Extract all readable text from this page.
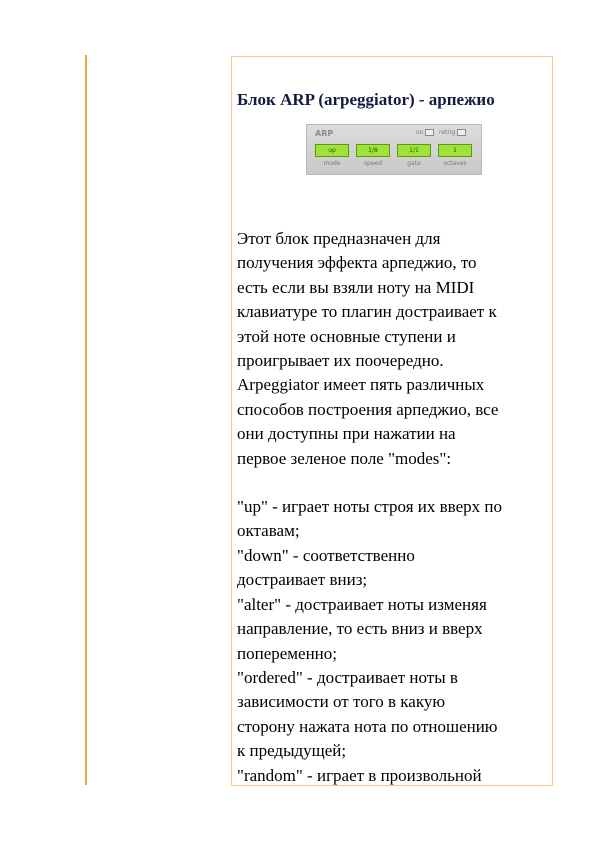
Блок ARP (arpeggiator) - арпежио
ARP	on	retrig
up	1/8	1/1	1
mode	speed	gate	octaves

Этот блок предназначен для
получения эффекта арпеджио, то
есть если вы взяли ноту на MIDI
клавиатуре то плагин достраивает к
этой ноте основные ступени и
проигрывает их поочередно.
Arpeggiator имеет пять различных
способов построения арпеджио, все
они доступны при нажатии на
первое зеленое поле "modes":

"up" - играет ноты строя их вверх по
октавам;
"down" - соответственно
достраивает вниз;
"alter" - достраивает ноты изменяя
направление, то есть вниз и вверх
попеременно;
"ordered" - достраивает ноты в
зависимости от того в какую
сторону нажата нота по отношению
к предыдущей;
"random" - играет в произвольной
